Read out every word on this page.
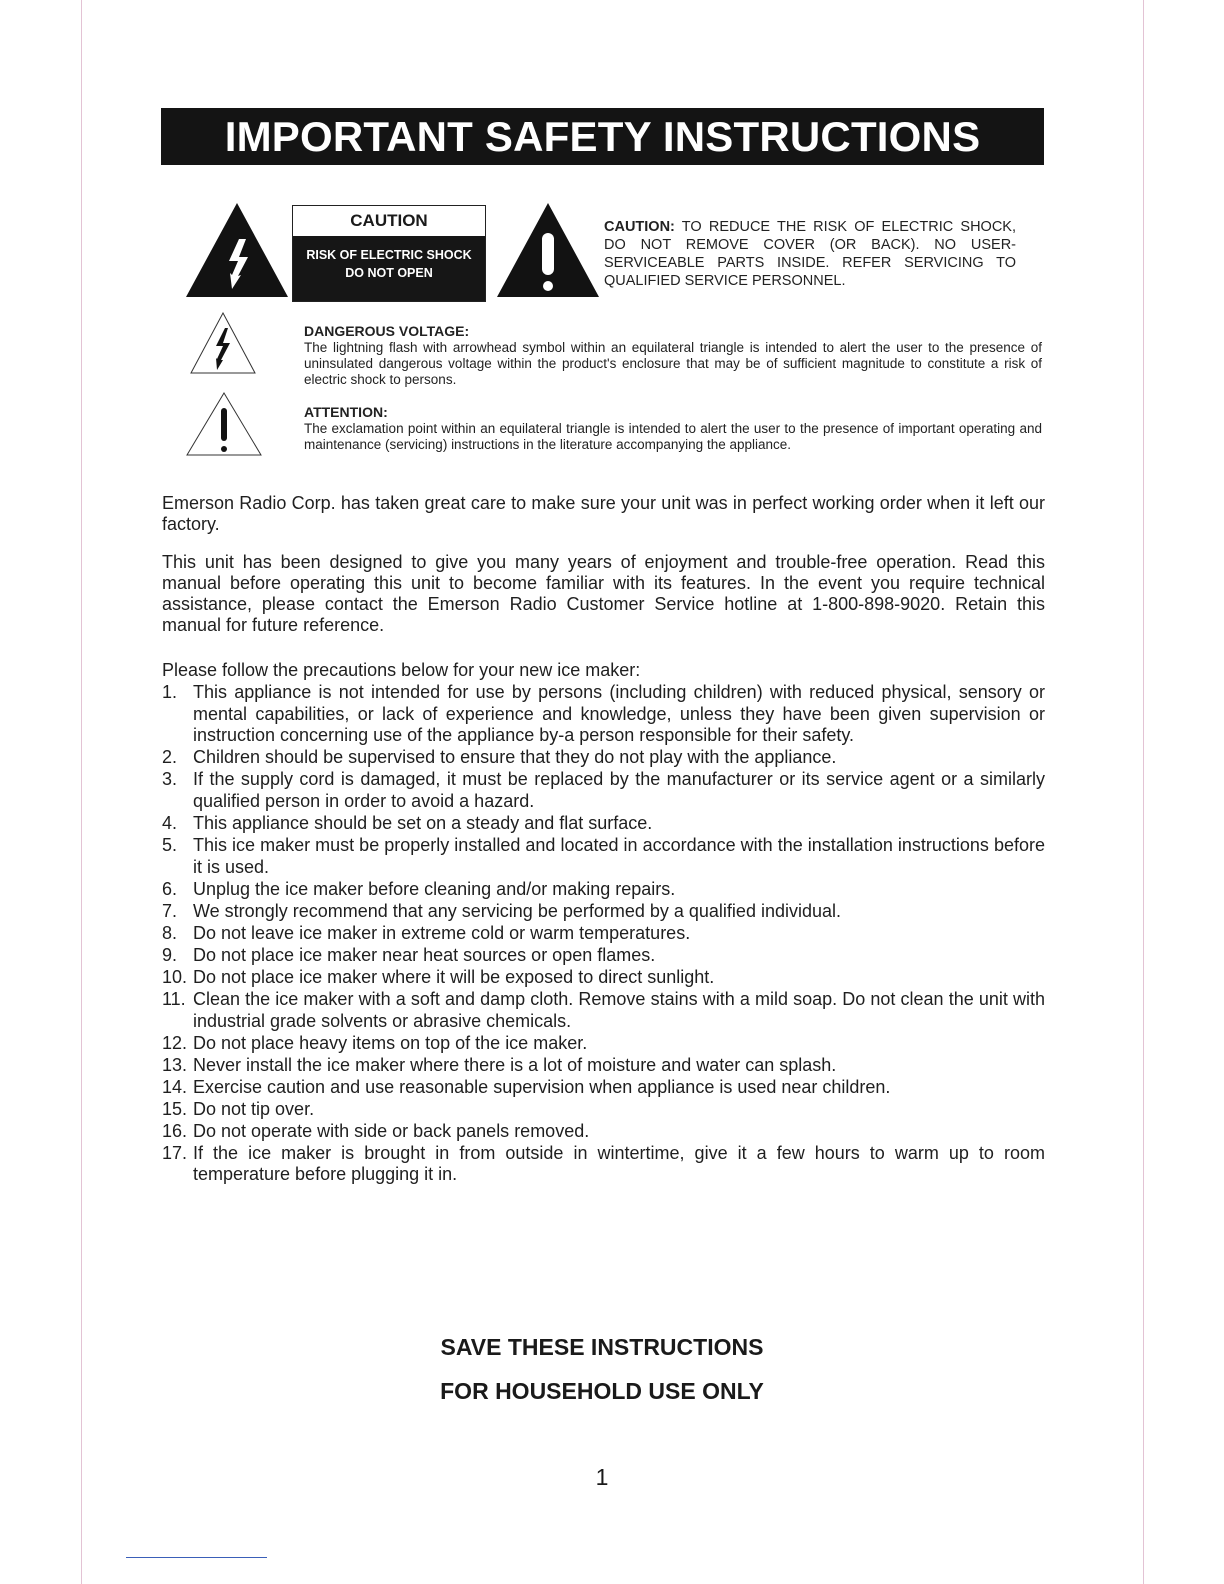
IMPORTANT SAFETY INSTRUCTIONS
CAUTION
RISK OF ELECTRIC SHOCK
DO NOT OPEN
CAUTION: TO REDUCE THE RISK OF ELECTRIC SHOCK, DO NOT REMOVE COVER (OR BACK). NO USER-SERVICEABLE PARTS INSIDE. REFER SERVICING TO QUALIFIED SERVICE PERSONNEL.
DANGEROUS VOLTAGE:
The lightning flash with arrowhead symbol within an equilateral triangle is intended to alert the user to the presence of uninsulated dangerous voltage within the product's enclosure that may be of sufficient magnitude to constitute a risk of electric shock to persons.
ATTENTION:
The exclamation point within an equilateral triangle is intended to alert the user to the presence of important operating and maintenance (servicing) instructions in the literature accompanying the appliance.
Emerson Radio Corp. has taken great care to make sure your unit was in perfect working order when it left our factory.
This unit has been designed to give you many years of enjoyment and trouble-free operation. Read this manual before operating this unit to become familiar with its features. In the event you require technical assistance, please contact the Emerson Radio Customer Service hotline at 1-800-898-9020. Retain this manual for future reference.
Please follow the precautions below for your new ice maker:
1. This appliance is not intended for use by persons (including children) with reduced physical, sensory or mental capabilities, or lack of experience and knowledge, unless they have been given supervision or instruction concerning use of the appliance by-a person responsible for their safety.
2. Children should be supervised to ensure that they do not play with the appliance.
3. If the supply cord is damaged, it must be replaced by the manufacturer or its service agent or a similarly qualified person in order to avoid a hazard.
4. This appliance should be set on a steady and flat surface.
5. This ice maker must be properly installed and located in accordance with the installation instructions before it is used.
6. Unplug the ice maker before cleaning and/or making repairs.
7. We strongly recommend that any servicing be performed by a qualified individual.
8. Do not leave ice maker in extreme cold or warm temperatures.
9. Do not place ice maker near heat sources or open flames.
10. Do not place ice maker where it will be exposed to direct sunlight.
11. Clean the ice maker with a soft and damp cloth. Remove stains with a mild soap. Do not clean the unit with industrial grade solvents or abrasive chemicals.
12. Do not place heavy items on top of the ice maker.
13. Never install the ice maker where there is a lot of moisture and water can splash.
14. Exercise caution and use reasonable supervision when appliance is used near children.
15. Do not tip over.
16. Do not operate with side or back panels removed.
17. If the ice maker is brought in from outside in wintertime, give it a few hours to warm up to room temperature before plugging it in.
SAVE THESE INSTRUCTIONS
FOR HOUSEHOLD USE ONLY
1
